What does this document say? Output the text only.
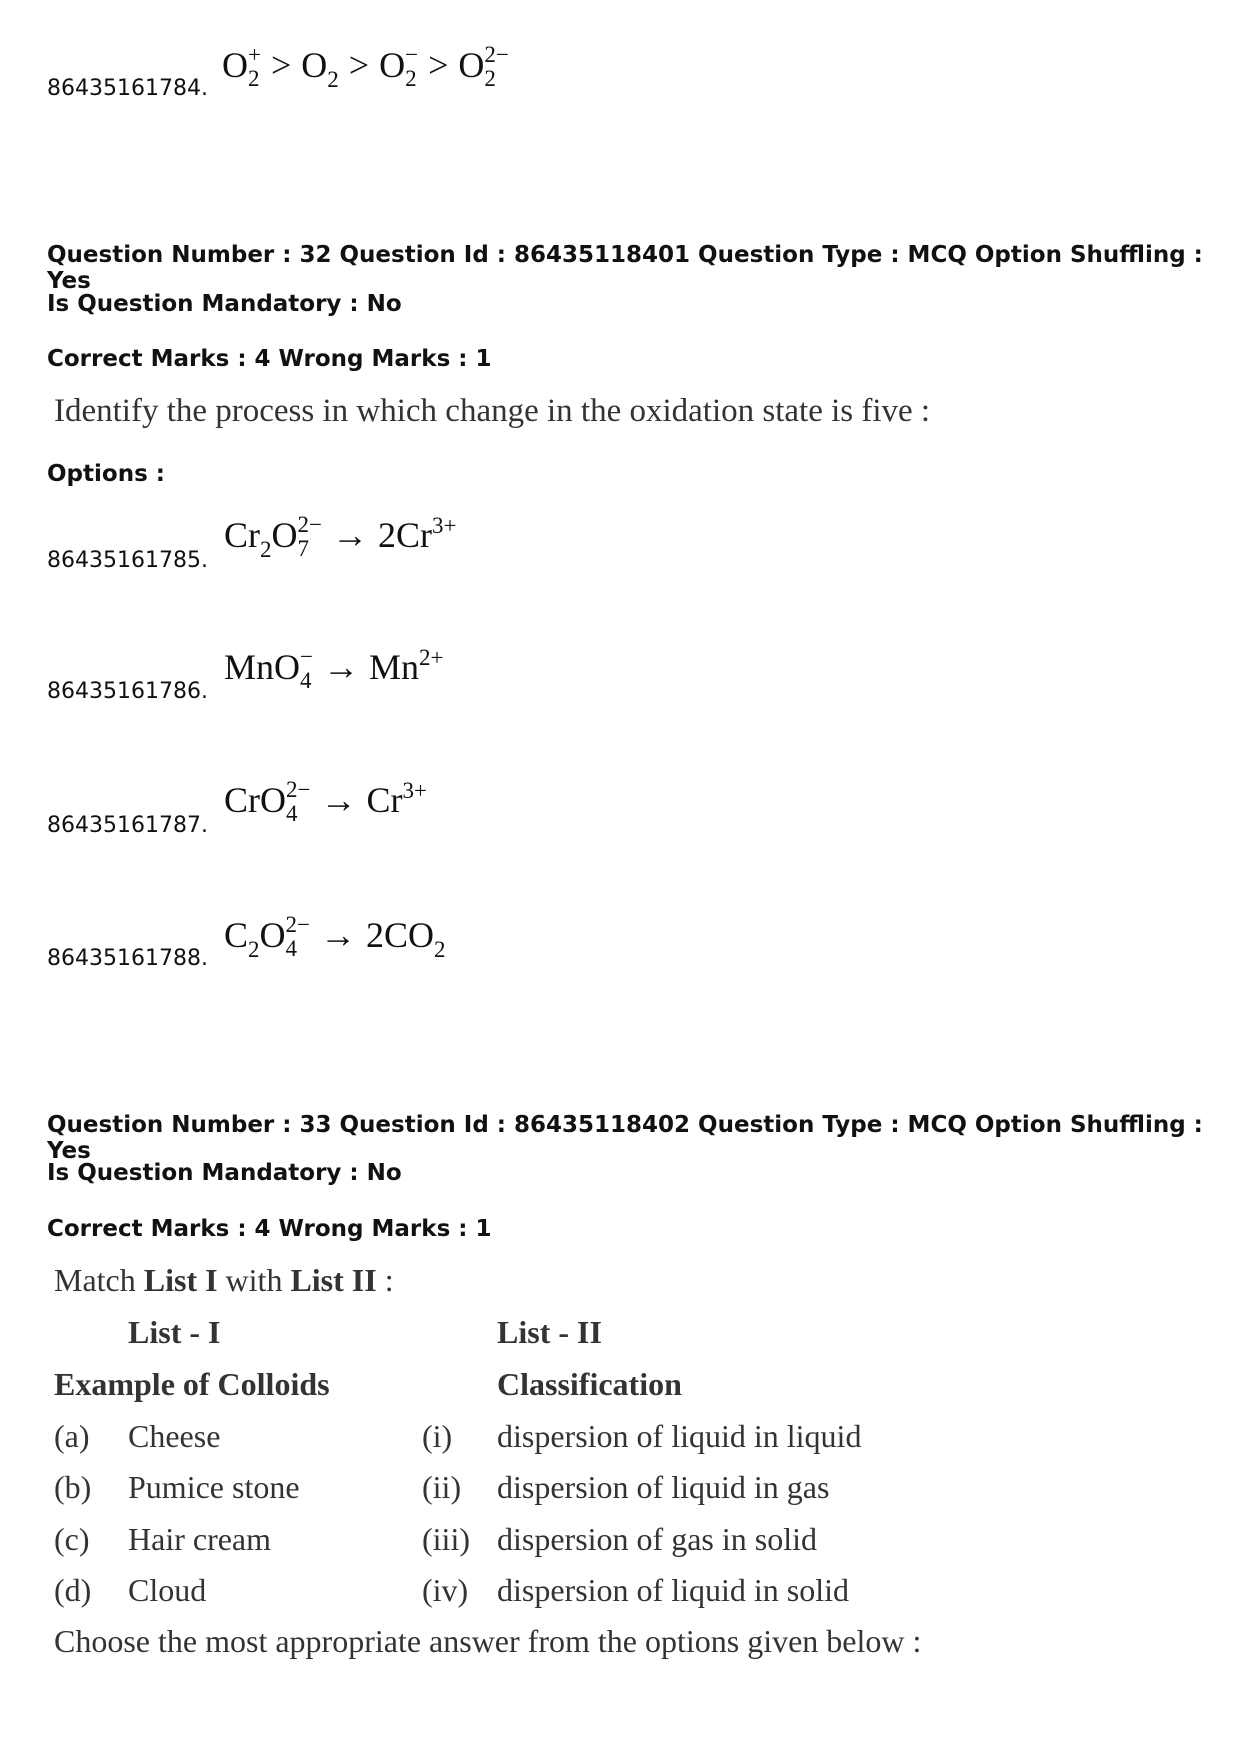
86435161784.
O +
$2 > O_2 > O$ −
2 > O 2−
2
Question Number : 32 Question Id : 86435118401 Question Type : MCQ Option Shuffling : Yes
Is Question Mandatory : No
Correct Marks : 4 Wrong Marks : 1
Identify the process in which change in the oxidation state is five :
Options :
86435161785.
$Cr_2O$ 2−
$7 \to 2Cr^{3+}$
86435161786.
MnO −
$4 \to Mn^{2+}$
86435161787.
CrO 2−
$4 \to Cr^{3+}$
86435161788.
$C_2O$ 2−
$4 \to 2CO_2$
Question Number : 33 Question Id : 86435118402 Question Type : MCQ Option Shuffling : Yes
Is Question Mandatory : No
Correct Marks : 4 Wrong Marks : 1
Match List I with List II :
List - I	List - II
Example of Colloids	Classification
(a) Cheese	(i) dispersion of liquid in liquid
(b) Pumice stone	(ii) dispersion of liquid in gas
(c) Hair cream	(iii) dispersion of gas in solid
(d) Cloud	(iv) dispersion of liquid in solid
Choose the most appropriate answer from the options given below :
